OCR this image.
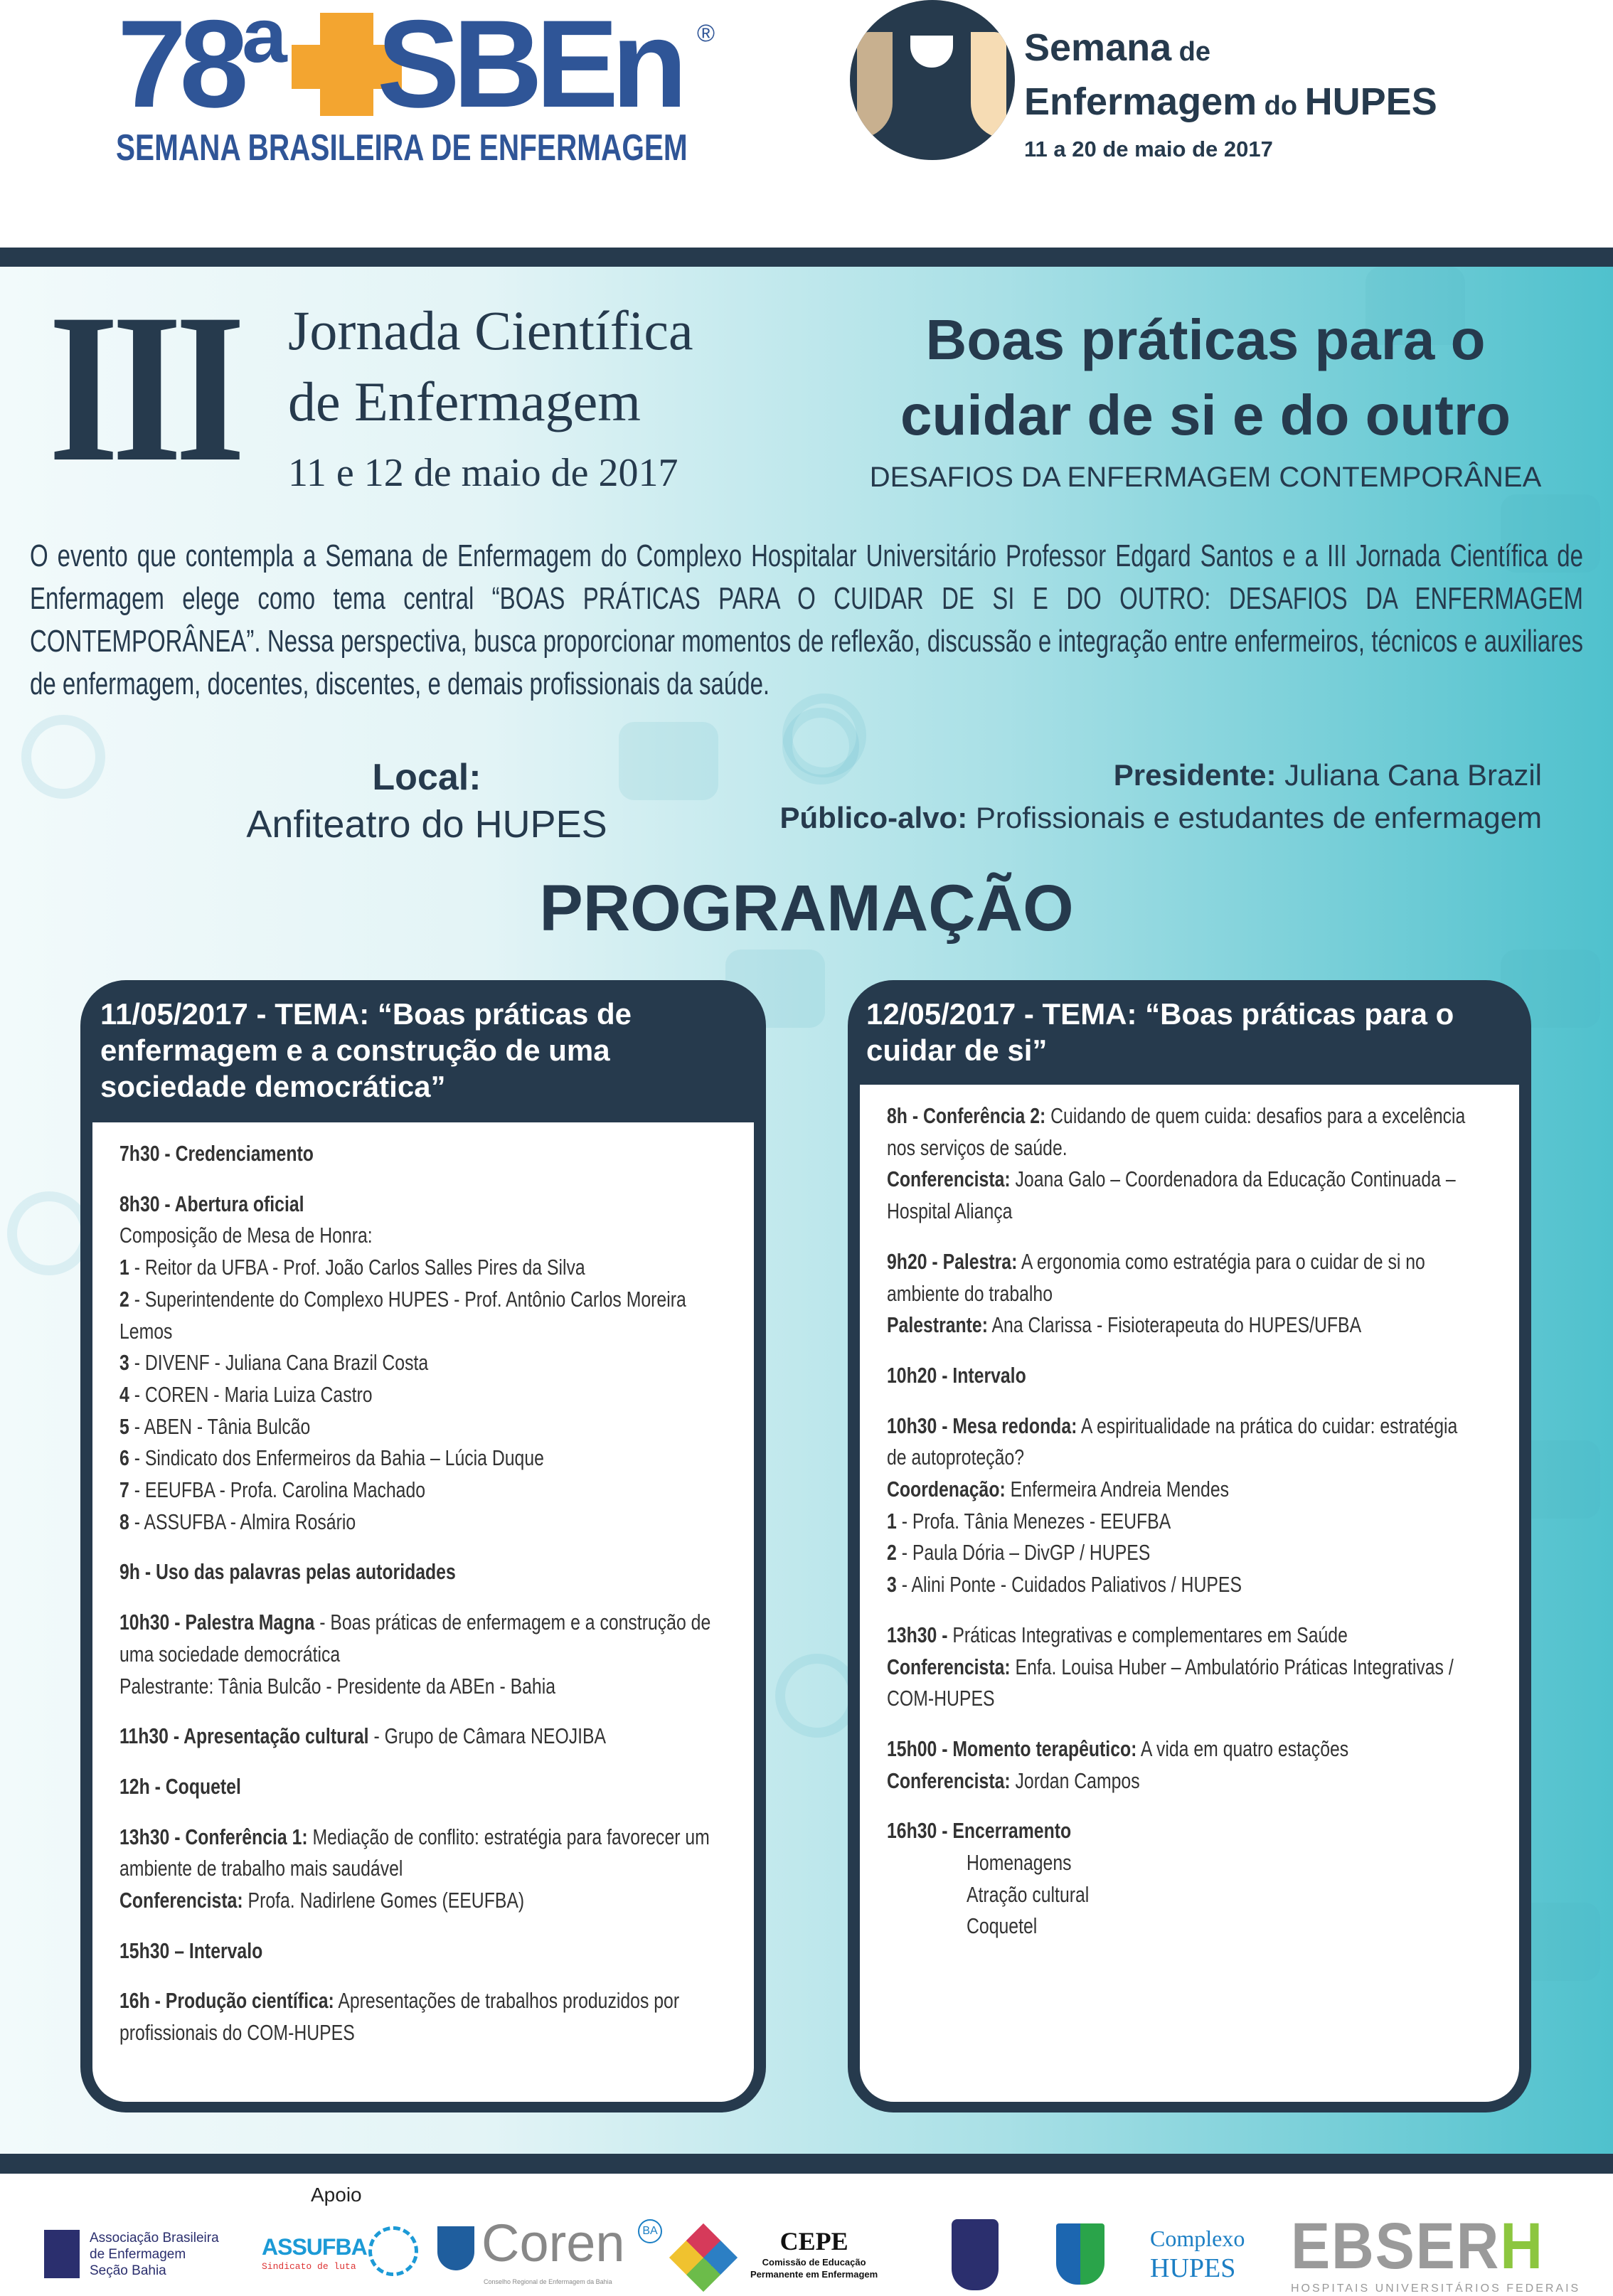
78ª SBEn ®
SEMANA BRASILEIRA DE ENFERMAGEM
Semana de
Enfermagem do HUPES
11 a 20 de maio de 2017
III Jornada Científica
de Enfermagem
11 e 12 de maio de 2017
Boas práticas para o
cuidar de si e do outro
DESAFIOS DA ENFERMAGEM CONTEMPORÂNEA
O evento que contempla a Semana de Enfermagem do Complexo Hospitalar Universitário Professor Edgard Santos e a III Jornada Científica de Enfermagem elege como tema central “BOAS PRÁTICAS PARA O CUIDAR DE SI E DO OUTRO: DESAFIOS DA ENFERMAGEM CONTEMPORÂNEA”. Nessa perspectiva, busca proporcionar momentos de reflexão, discussão e integração entre enfermeiros, técnicos e auxiliares de enfermagem, docentes, discentes, e demais profissionais da saúde.
Local:
Anfiteatro do HUPES
Presidente: Juliana Cana Brazil
Público-alvo: Profissionais e estudantes de enfermagem
PROGRAMAÇÃO
11/05/2017 - TEMA: “Boas práticas de enfermagem e a construção de uma sociedade democrática”
7h30 - Credenciamento
8h30 - Abertura oficial
Composição de Mesa de Honra:
1 - Reitor da UFBA - Prof. João Carlos Salles Pires da Silva
2 - Superintendente do Complexo HUPES - Prof. Antônio Carlos Moreira Lemos
3 - DIVENF - Juliana Cana Brazil Costa
4 - COREN - Maria Luiza Castro
5 - ABEN - Tânia Bulcão
6 - Sindicato dos Enfermeiros da Bahia – Lúcia Duque
7 - EEUFBA - Profa. Carolina Machado
8 - ASSUFBA - Almira Rosário
9h - Uso das palavras pelas autoridades
10h30 - Palestra Magna - Boas práticas de enfermagem e a construção de uma sociedade democrática
Palestrante: Tânia Bulcão - Presidente da ABEn - Bahia
11h30 - Apresentação cultural - Grupo de Câmara NEOJIBA
12h - Coquetel
13h30 - Conferência 1: Mediação de conflito: estratégia para favorecer um ambiente de trabalho mais saudável
Conferencista: Profa. Nadirlene Gomes (EEUFBA)
15h30 – Intervalo
16h - Produção científica: Apresentações de trabalhos produzidos por profissionais do COM-HUPES
12/05/2017 - TEMA: “Boas práticas para o cuidar de si”
8h - Conferência 2: Cuidando de quem cuida: desafios para a excelência nos serviços de saúde.
Conferencista: Joana Galo – Coordenadora da Educação Continuada – Hospital Aliança
9h20 - Palestra: A ergonomia como estratégia para o cuidar de si no ambiente do trabalho
Palestrante: Ana Clarissa - Fisioterapeuta do HUPES/UFBA
10h20 - Intervalo
10h30 - Mesa redonda: A espiritualidade na prática do cuidar: estratégia de autoproteção?
Coordenação: Enfermeira Andreia Mendes
1 - Profa. Tânia Menezes - EEUFBA
2 - Paula Dória – DivGP / HUPES
3 - Alini Ponte - Cuidados Paliativos / HUPES
13h30 - Práticas Integrativas e complementares em Saúde
Conferencista: Enfa. Louisa Huber – Ambulatório Práticas Integrativas / COM-HUPES
15h00 - Momento terapêutico: A vida em quatro estações
Conferencista: Jordan Campos
16h30 - Encerramento
Homenagens
Atração cultural
Coquetel
Apoio
Associação Brasileira
de Enfermagem
Seção Bahia
ASSUFBA
Sindicato de luta Coren	BA
Conselho Regional de Enfermagem da Bahia
CEPE
Comissão de Educação
Permanente em Enfermagem
Complexo
HUPES EBSERH
HOSPITAIS UNIVERSITÁRIOS FEDERAIS
